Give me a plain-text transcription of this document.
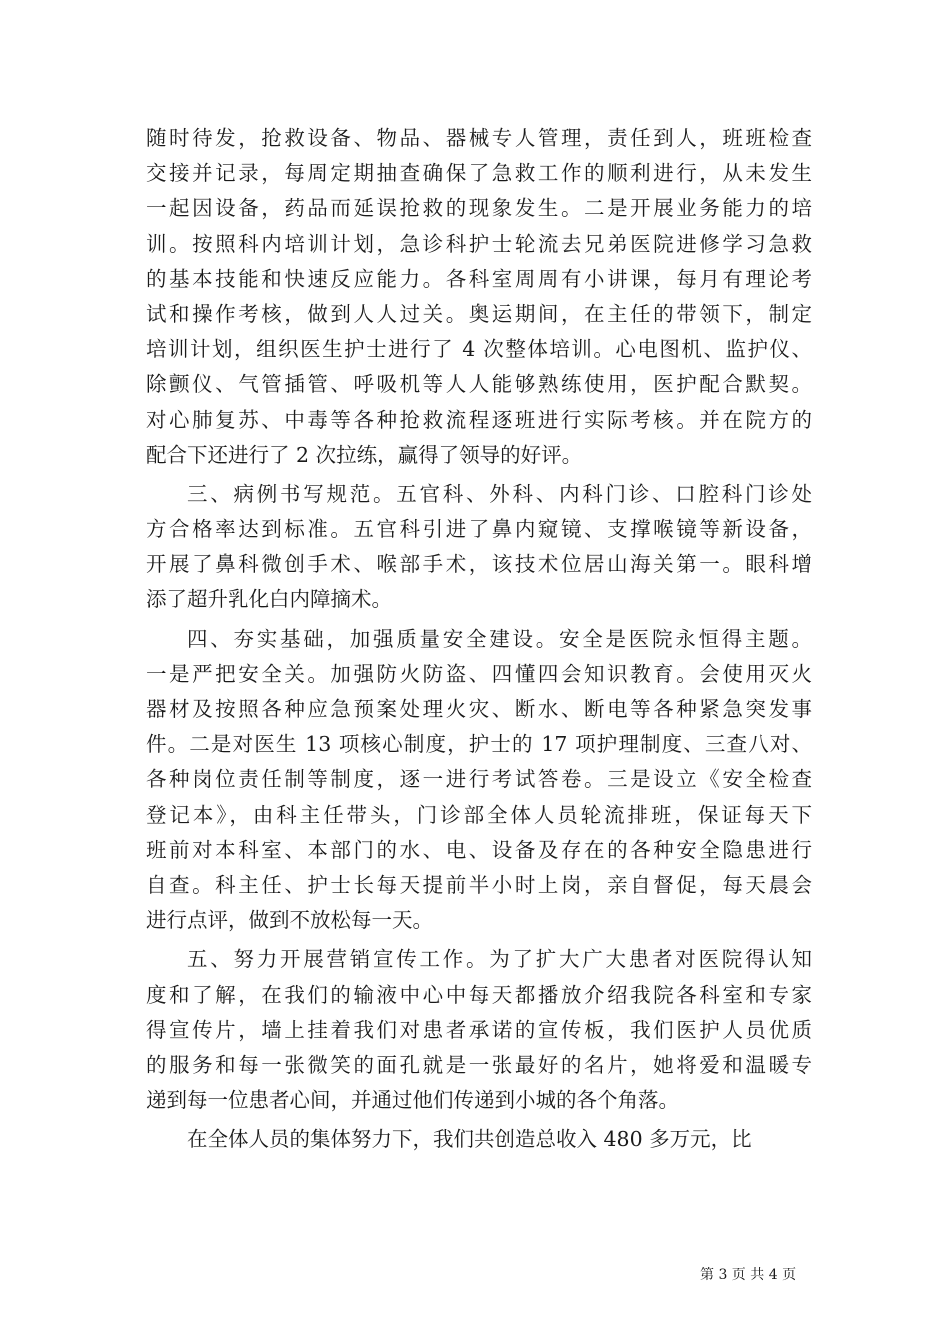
随时待发，抢救设备、物品、器械专人管理，责任到人，班班检查
交接并记录，每周定期抽查确保了急救工作的顺利进行，从未发生
一起因设备，药品而延误抢救的现象发生。二是开展业务能力的培
训。按照科内培训计划，急诊科护士轮流去兄弟医院进修学习急救
的基本技能和快速反应能力。各科室周周有小讲课，每月有理论考
试和操作考核，做到人人过关。奥运期间，在主任的带领下，制定
培训计划，组织医生护士进行了 4 次整体培训。心电图机、监护仪、
除颤仪、气管插管、呼吸机等人人能够熟练使用，医护配合默契。
对心肺复苏、中毒等各种抢救流程逐班进行实际考核。并在院方的
配合下还进行了 2 次拉练，赢得了领导的好评。
三、病例书写规范。五官科、外科、内科门诊、口腔科门诊处
方合格率达到标准。五官科引进了鼻内窥镜、支撑喉镜等新设备，
开展了鼻科微创手术、喉部手术，该技术位居山海关第一。眼科增
添了超升乳化白内障摘术。
四、夯实基础，加强质量安全建设。安全是医院永恒得主题。
一是严把安全关。加强防火防盗、四懂四会知识教育。会使用灭火
器材及按照各种应急预案处理火灾、断水、断电等各种紧急突发事
件。二是对医生 13 项核心制度，护士的 17 项护理制度、三查八对、
各种岗位责任制等制度，逐一进行考试答卷。三是设立《安全检查
登记本》，由科主任带头，门诊部全体人员轮流排班，保证每天下
班前对本科室、本部门的水、电、设备及存在的各种安全隐患进行
自查。科主任、护士长每天提前半小时上岗，亲自督促，每天晨会
进行点评，做到不放松每一天。
五、努力开展营销宣传工作。为了扩大广大患者对医院得认知
度和了解，在我们的输液中心中每天都播放介绍我院各科室和专家
得宣传片，墙上挂着我们对患者承诺的宣传板，我们医护人员优质
的服务和每一张微笑的面孔就是一张最好的名片，她将爱和温暖专
递到每一位患者心间，并通过他们传递到小城的各个角落。
在全体人员的集体努力下，我们共创造总收入 480 多万元，比
第 3 页 共 4 页
